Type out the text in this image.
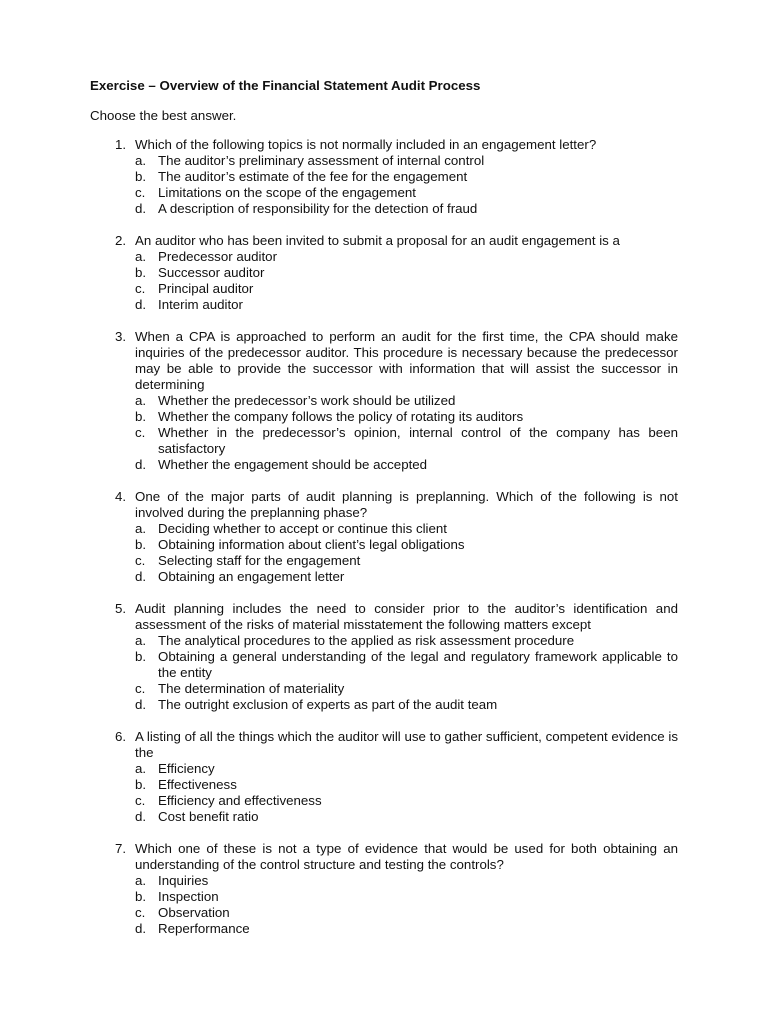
Exercise – Overview of the Financial Statement Audit Process

Choose the best answer.

1. Which of the following topics is not normally included in an engagement letter?
a. The auditor’s preliminary assessment of internal control
b. The auditor’s estimate of the fee for the engagement
c. Limitations on the scope of the engagement
d. A description of responsibility for the detection of fraud
2. An auditor who has been invited to submit a proposal for an audit engagement is a
a. Predecessor auditor
b. Successor auditor
c. Principal auditor
d. Interim auditor
3. When a CPA is approached to perform an audit for the first time, the CPA should make inquiries of the predecessor auditor. This procedure is necessary because the predecessor may be able to provide the successor with information that will assist the successor in determining
a. Whether the predecessor’s work should be utilized
b. Whether the company follows the policy of rotating its auditors
c. Whether in the predecessor’s opinion, internal control of the company has been satisfactory
d. Whether the engagement should be accepted
4. One of the major parts of audit planning is preplanning. Which of the following is not involved during the preplanning phase?
a. Deciding whether to accept or continue this client
b. Obtaining information about client’s legal obligations
c. Selecting staff for the engagement
d. Obtaining an engagement letter
5. Audit planning includes the need to consider prior to the auditor’s identification and assessment of the risks of material misstatement the following matters except
a. The analytical procedures to the applied as risk assessment procedure
b. Obtaining a general understanding of the legal and regulatory framework applicable to the entity
c. The determination of materiality
d. The outright exclusion of experts as part of the audit team
6. A listing of all the things which the auditor will use to gather sufficient, competent evidence is the
a. Efficiency
b. Effectiveness
c. Efficiency and effectiveness
d. Cost benefit ratio
7. Which one of these is not a type of evidence that would be used for both obtaining an understanding of the control structure and testing the controls?
a. Inquiries
b. Inspection
c. Observation
d. Reperformance
